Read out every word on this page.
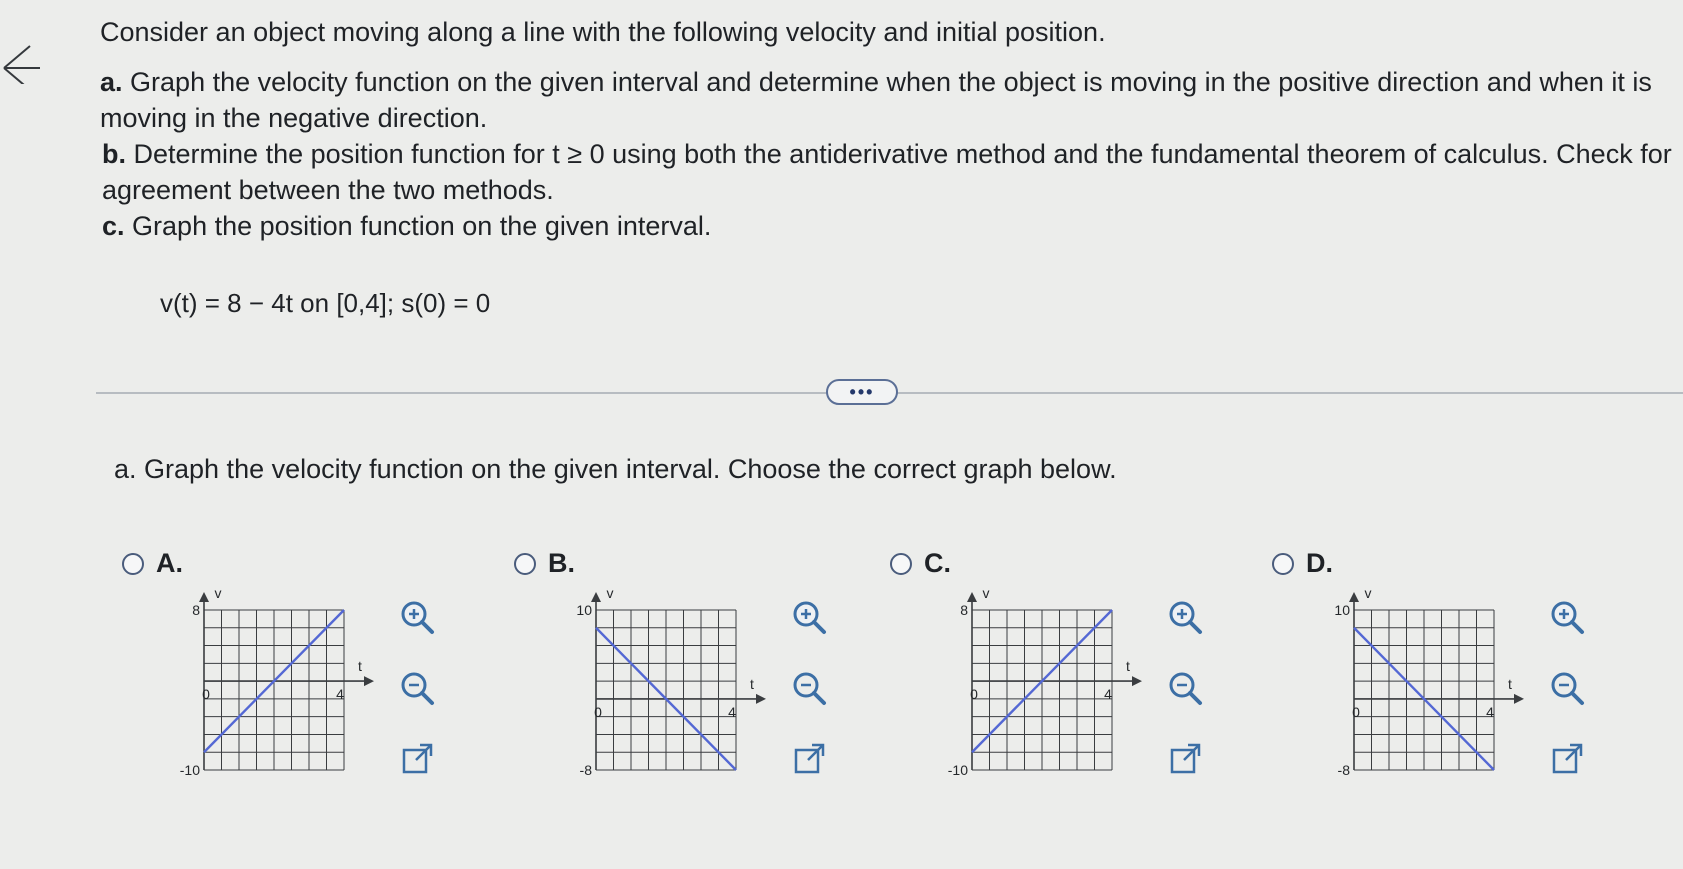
Consider an object moving along a line with the following velocity and initial position.

a. Graph the velocity function on the given interval and determine when the object is moving in the positive direction and when it is moving in the negative direction.

b. Determine the position function for t ≥ 0 using both the antiderivative method and the fundamental theorem of calculus. Check for agreement between the two methods.

c. Graph the position function on the given interval.

v(t) = 8 − 4t on [0,4]; s(0) = 0
•••
a. Graph the velocity function on the given interval. Choose the correct graph below.
A.
8
-10
0	4
t
v

B.
10
-8
0	4
t
v

C.
8
-10
0	4
t
v

D.
10
-8
0	4
t
v
